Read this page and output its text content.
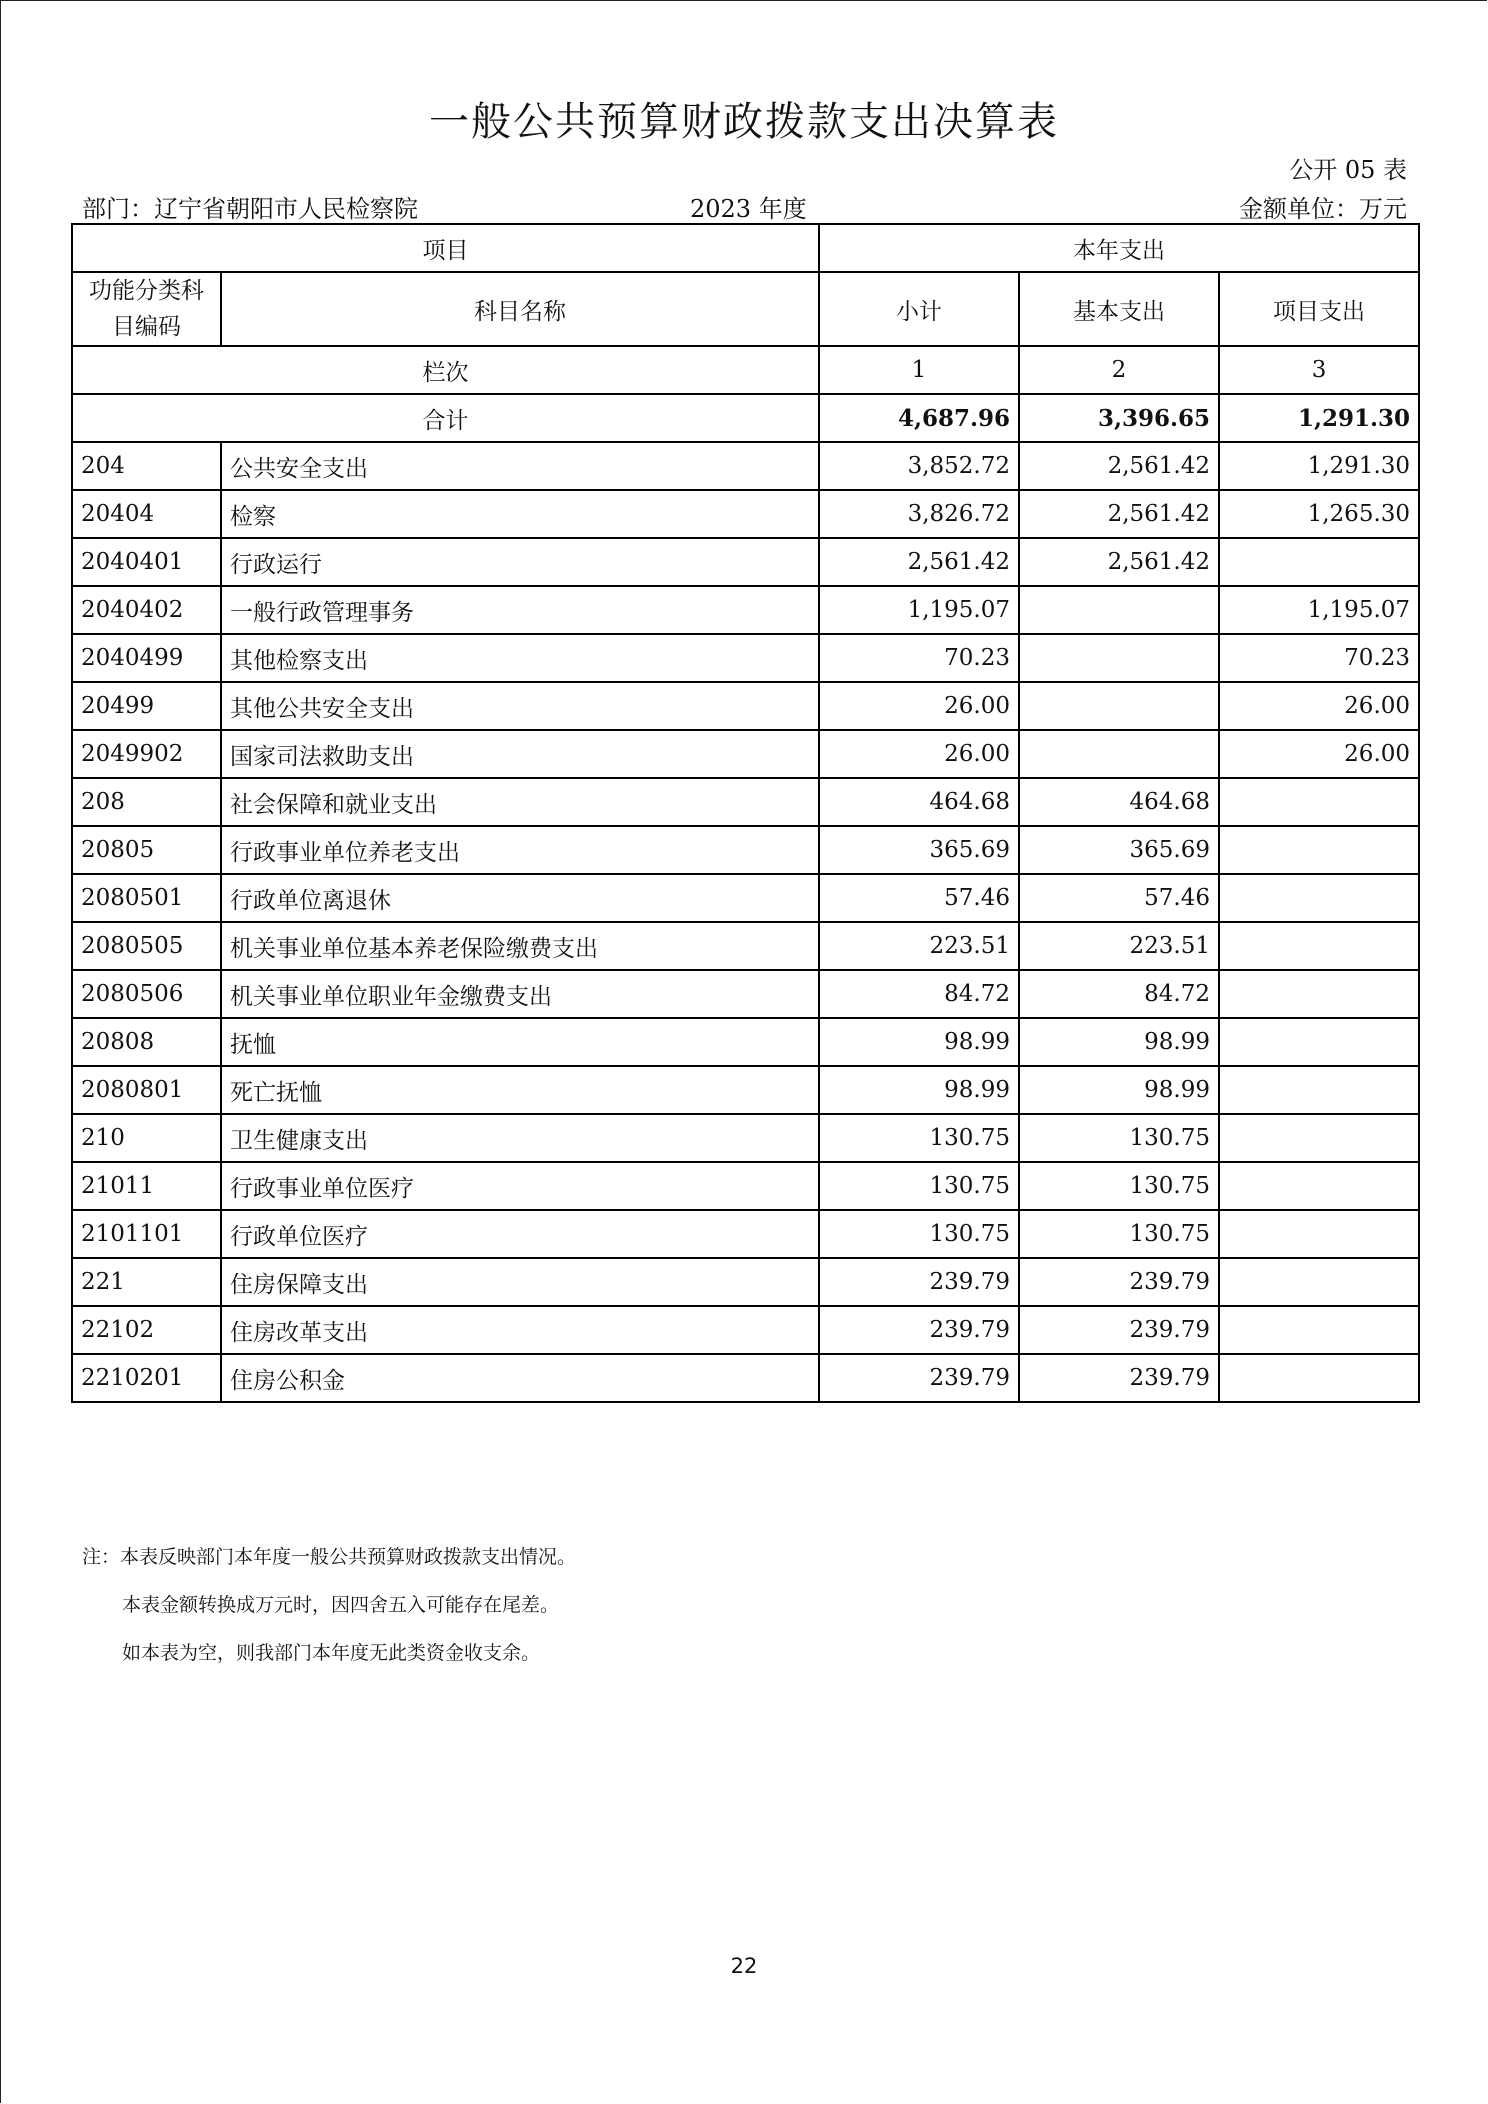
一般公共预算财政拨款支出决算表
公开 05 表
部门：辽宁省朝阳市人民检察院	2023 年度	金额单位：万元
项目		本年支出		
功能分类科目编码	科目名称	小计	基本支出	项目支出
栏次		1	2	3
合计		4,687.96	3,396.65	1,291.30
204	公共安全支出	3,852.72	2,561.42	1,291.30
20404	检察	3,826.72	2,561.42	1,265.30
2040401	行政运行	2,561.42	2,561.42	
2040402	一般行政管理事务	1,195.07		1,195.07
2040499	其他检察支出	70.23		70.23
20499	其他公共安全支出	26.00		26.00
2049902	国家司法救助支出	26.00		26.00
208	社会保障和就业支出	464.68	464.68	
20805	行政事业单位养老支出	365.69	365.69	
2080501	行政单位离退休	57.46	57.46	
2080505	机关事业单位基本养老保险缴费支出	223.51	223.51	
2080506	机关事业单位职业年金缴费支出	84.72	84.72	
20808	抚恤	98.99	98.99	
2080801	死亡抚恤	98.99	98.99	
210	卫生健康支出	130.75	130.75	
21011	行政事业单位医疗	130.75	130.75	
2101101	行政单位医疗	130.75	130.75	
221	住房保障支出	239.79	239.79	
22102	住房改革支出	239.79	239.79	
2210201	住房公积金	239.79	239.79	
注：本表反映部门本年度一般公共预算财政拨款支出情况。
本表金额转换成万元时，因四舍五入可能存在尾差。
如本表为空，则我部门本年度无此类资金收支余。
22
